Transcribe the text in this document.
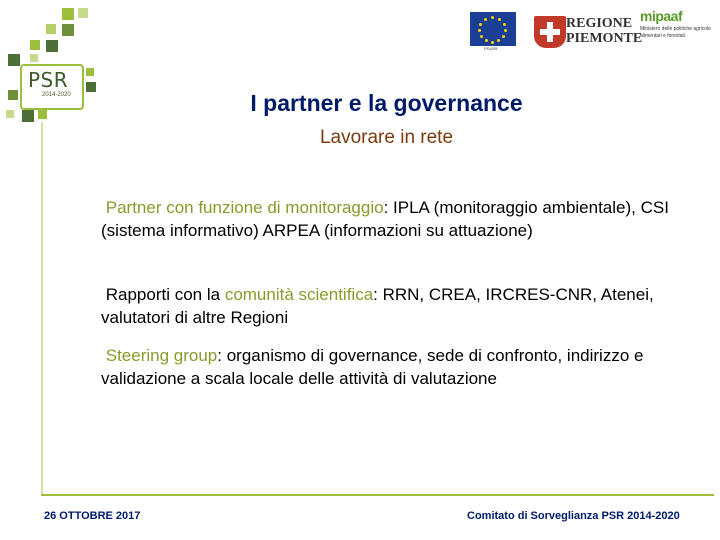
PSR
2014-2020
FEASR
REGIONE
PIEMONTE
mipaaf
Ministero delle politiche agricole alimentari e forestali
I partner e la governance
Lavorare in rete
Partner con funzione di monitoraggio: IPLA (monitoraggio ambientale), CSI (sistema informativo) ARPEA (informazioni su attuazione)
Rapporti con la comunità scientifica: RRN, CREA, IRCRES-CNR, Atenei, valutatori di altre Regioni
Steering group: organismo di governance, sede di confronto, indirizzo e validazione a scala locale delle attività di valutazione
26 OTTOBRE 2017	Comitato di Sorveglianza PSR 2014-2020
